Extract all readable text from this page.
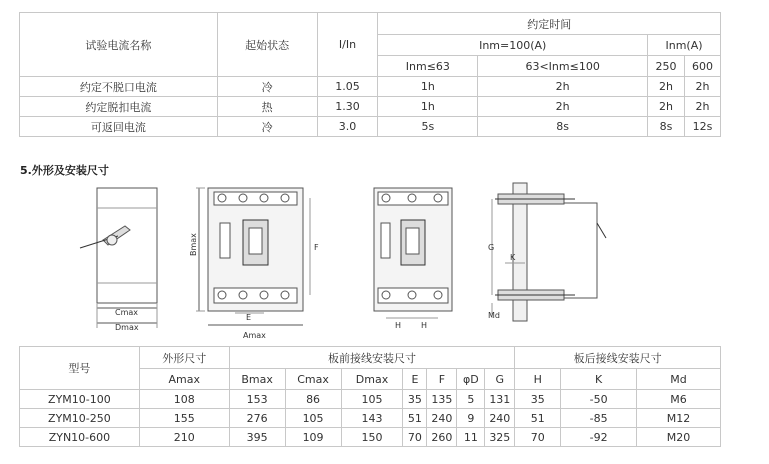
试验电流名称	起始状态	I/In	约定时间			
			Inm=100(A)		Inm(A)	
			Inm≤63	63<Inm≤100	250	600
约定不脱口电流	冷	1.05	1h	2h	2h	2h
约定脱扣电流	热	1.30	1h	2h	2h	2h
可返回电流	冷	3.0	5s	8s	8s	12s
5.外形及安装尺寸
Cmax
Dmax
Bmax	F
E
Amax
H H
G
K
Md
型号	外形尺寸	板前接线安装尺寸							板后接线安装尺寸		
	Amax	Bmax	Cmax	Dmax	E	F	φD	G	H	K	Md
ZYM10-100	108	153	86	105	35	135	5	131	35	-50	M6
ZYM10-250	155	276	105	143	51	240	9	240	51	-85	M12
ZYN10-600	210	395	109	150	70	260	11	325	70	-92	M20
